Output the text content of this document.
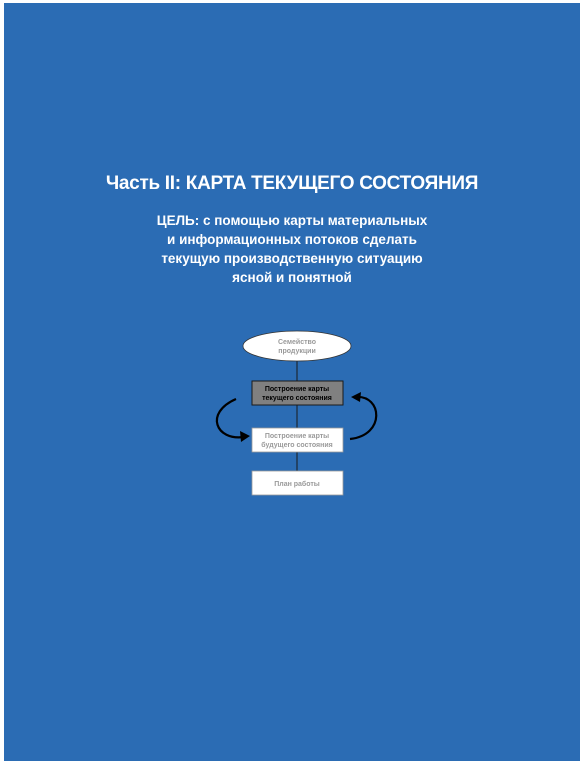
Часть II: КАРТА ТЕКУЩЕГО СОСТОЯНИЯ
ЦЕЛЬ: с помощью карты материальных
и информационных потоков сделать
текущую производственную ситуацию
ясной и понятной
Семейство
продукции
Построение карты
текущего состояния
Построение карты
будущего состояния
План работы
